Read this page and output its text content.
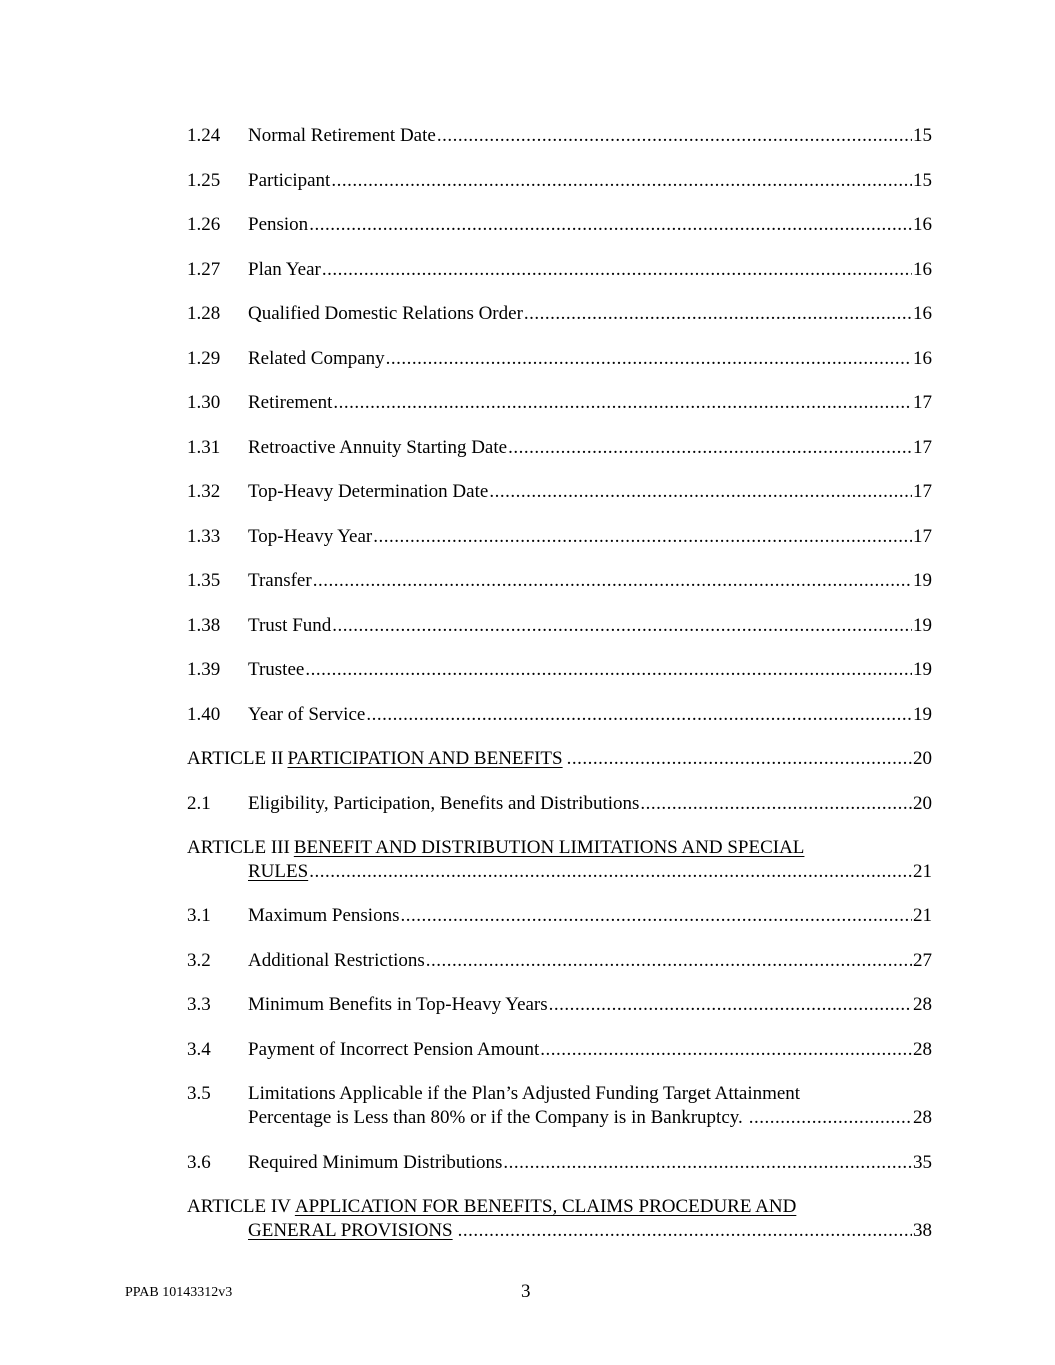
1.24 Normal Retirement Date .....	15
1.25 Participant .....	15
1.26 Pension .....	16
1.27 Plan Year .....	16
1.28 Qualified Domestic Relations Order .....	16
1.29 Related Company .....	16
1.30 Retirement .....	17
1.31 Retroactive Annuity Starting Date .....	17
1.32 Top-Heavy Determination Date .....	17
1.33 Top-Heavy Year .....	17
1.35 Transfer .....	19
1.38 Trust Fund .....	19
1.39 Trustee .....	19
1.40 Year of Service .....	19
ARTICLE II PARTICIPATION AND BENEFITS .....	20
2.1 Eligibility, Participation, Benefits and Distributions .....	20
ARTICLE III BENEFIT AND DISTRIBUTION LIMITATIONS AND SPECIAL
RULES .....	21
3.1 Maximum Pensions .....	21
3.2 Additional Restrictions .....	27
3.3 Minimum Benefits in Top-Heavy Years .....	28
3.4 Payment of Incorrect Pension Amount .....	28
3.5 Limitations Applicable if the Plan’s Adjusted Funding Target Attainment
Percentage is Less than 80% or if the Company is in Bankruptcy. .....	28
3.6 Required Minimum Distributions .....	35
ARTICLE IV APPLICATION FOR BENEFITS, CLAIMS PROCEDURE AND
GENERAL PROVISIONS .....	38
PPAB 10143312v3	3
